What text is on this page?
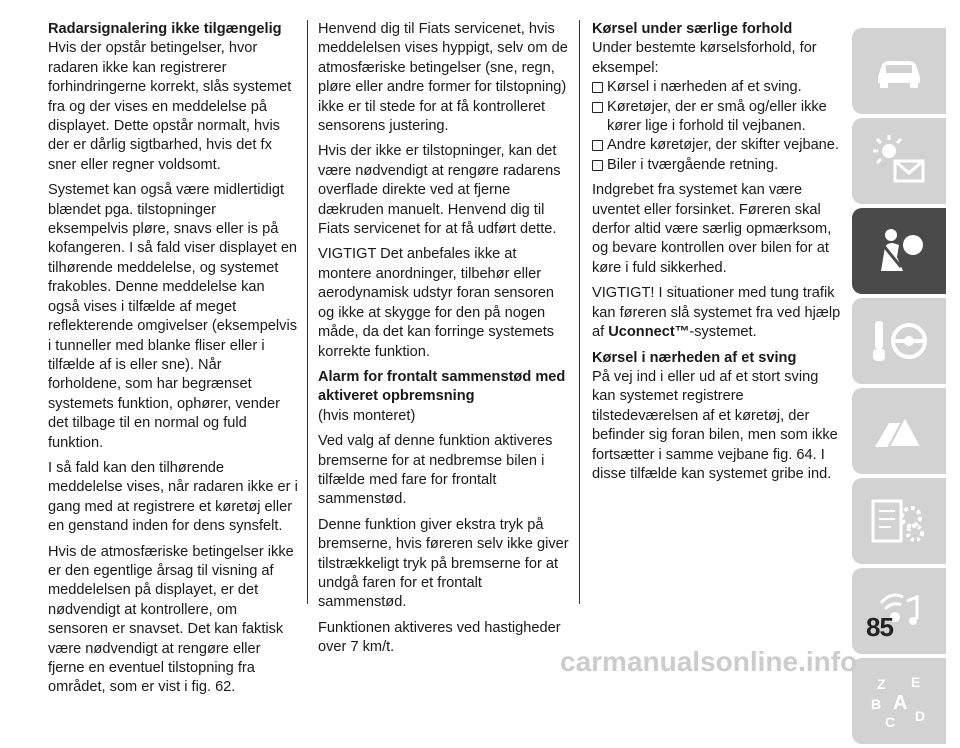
Radarsignalering ikke tilgængelig

Hvis der opstår betingelser, hvor radaren ikke kan registrerer forhindringerne korrekt, slås systemet fra og der vises en meddelelse på displayet. Dette opstår normalt, hvis der er dårlig sigtbarhed, hvis det fx sner eller regner voldsomt.

Systemet kan også være midlertidigt blændet pga. tilstopninger eksempelvis pløre, snavs eller is på kofangeren. I så fald viser displayet en tilhørende meddelelse, og systemet frakobles. Denne meddelelse kan også vises i tilfælde af meget reflekterende omgivelser (eksempelvis i tunneller med blanke fliser eller i tilfælde af is eller sne). Når forholdene, som har begrænset systemets funktion, ophører, vender det tilbage til en normal og fuld funktion.

I så fald kan den tilhørende meddelelse vises, når radaren ikke er i gang med at registrere et køretøj eller en genstand inden for dens synsfelt.

Hvis de atmosfæriske betingelser ikke er den egentlige årsag til visning af meddelelsen på displayet, er det nødvendigt at kontrollere, om sensoren er snavset. Det kan faktisk være nødvendigt at rengøre eller fjerne en eventuel tilstopning fra området, som er vist i fig. 62.

Henvend dig til Fiats servicenet, hvis meddelelsen vises hyppigt, selv om de atmosfæriske betingelser (sne, regn, pløre eller andre former for tilstopning) ikke er til stede for at få kontrolleret sensorens justering.

Hvis der ikke er tilstopninger, kan det være nødvendigt at rengøre radarens overflade direkte ved at fjerne dækruden manuelt. Henvend dig til Fiats servicenet for at få udført dette.

VIGTIGT Det anbefales ikke at montere anordninger, tilbehør eller aerodynamisk udstyr foran sensoren og ikke at skygge for den på nogen måde, da det kan forringe systemets korrekte funktion.

Alarm for frontalt sammenstød med aktiveret opbremsning

(hvis monteret)

Ved valg af denne funktion aktiveres bremserne for at nedbremse bilen i tilfælde med fare for frontalt sammenstød.

Denne funktion giver ekstra tryk på bremserne, hvis føreren selv ikke giver tilstrækkeligt tryk på bremserne for at undgå faren for et frontalt sammenstød.

Funktionen aktiveres ved hastigheder over 7 km/t.

Kørsel under særlige forhold

Under bestemte kørselsforhold, for eksempel:

Kørsel i nærheden af et sving.
Køretøjer, der er små og/eller ikke kører lige i forhold til vejbanen.
Andre køretøjer, der skifter vejbane.
Biler i tværgående retning.

Indgrebet fra systemet kan være uventet eller forsinket. Føreren skal derfor altid være særlig opmærksom, og bevare kontrollen over bilen for at køre i fuld sikkerhed.

VIGTIGT! I situationer med tung trafik kan føreren slå systemet fra ved hjælp af Uconnect™-systemet.

Kørsel i nærheden af et sving

På vej ind i eller ud af et stort sving kan systemet registrere tilstedeværelsen af et køretøj, der befinder sig foran bilen, men som ikke fortsætter i samme vejbane fig. 64. I disse tilfælde kan systemet gribe ind.

Z E
B A
C D
85
carmanualsonline.info
